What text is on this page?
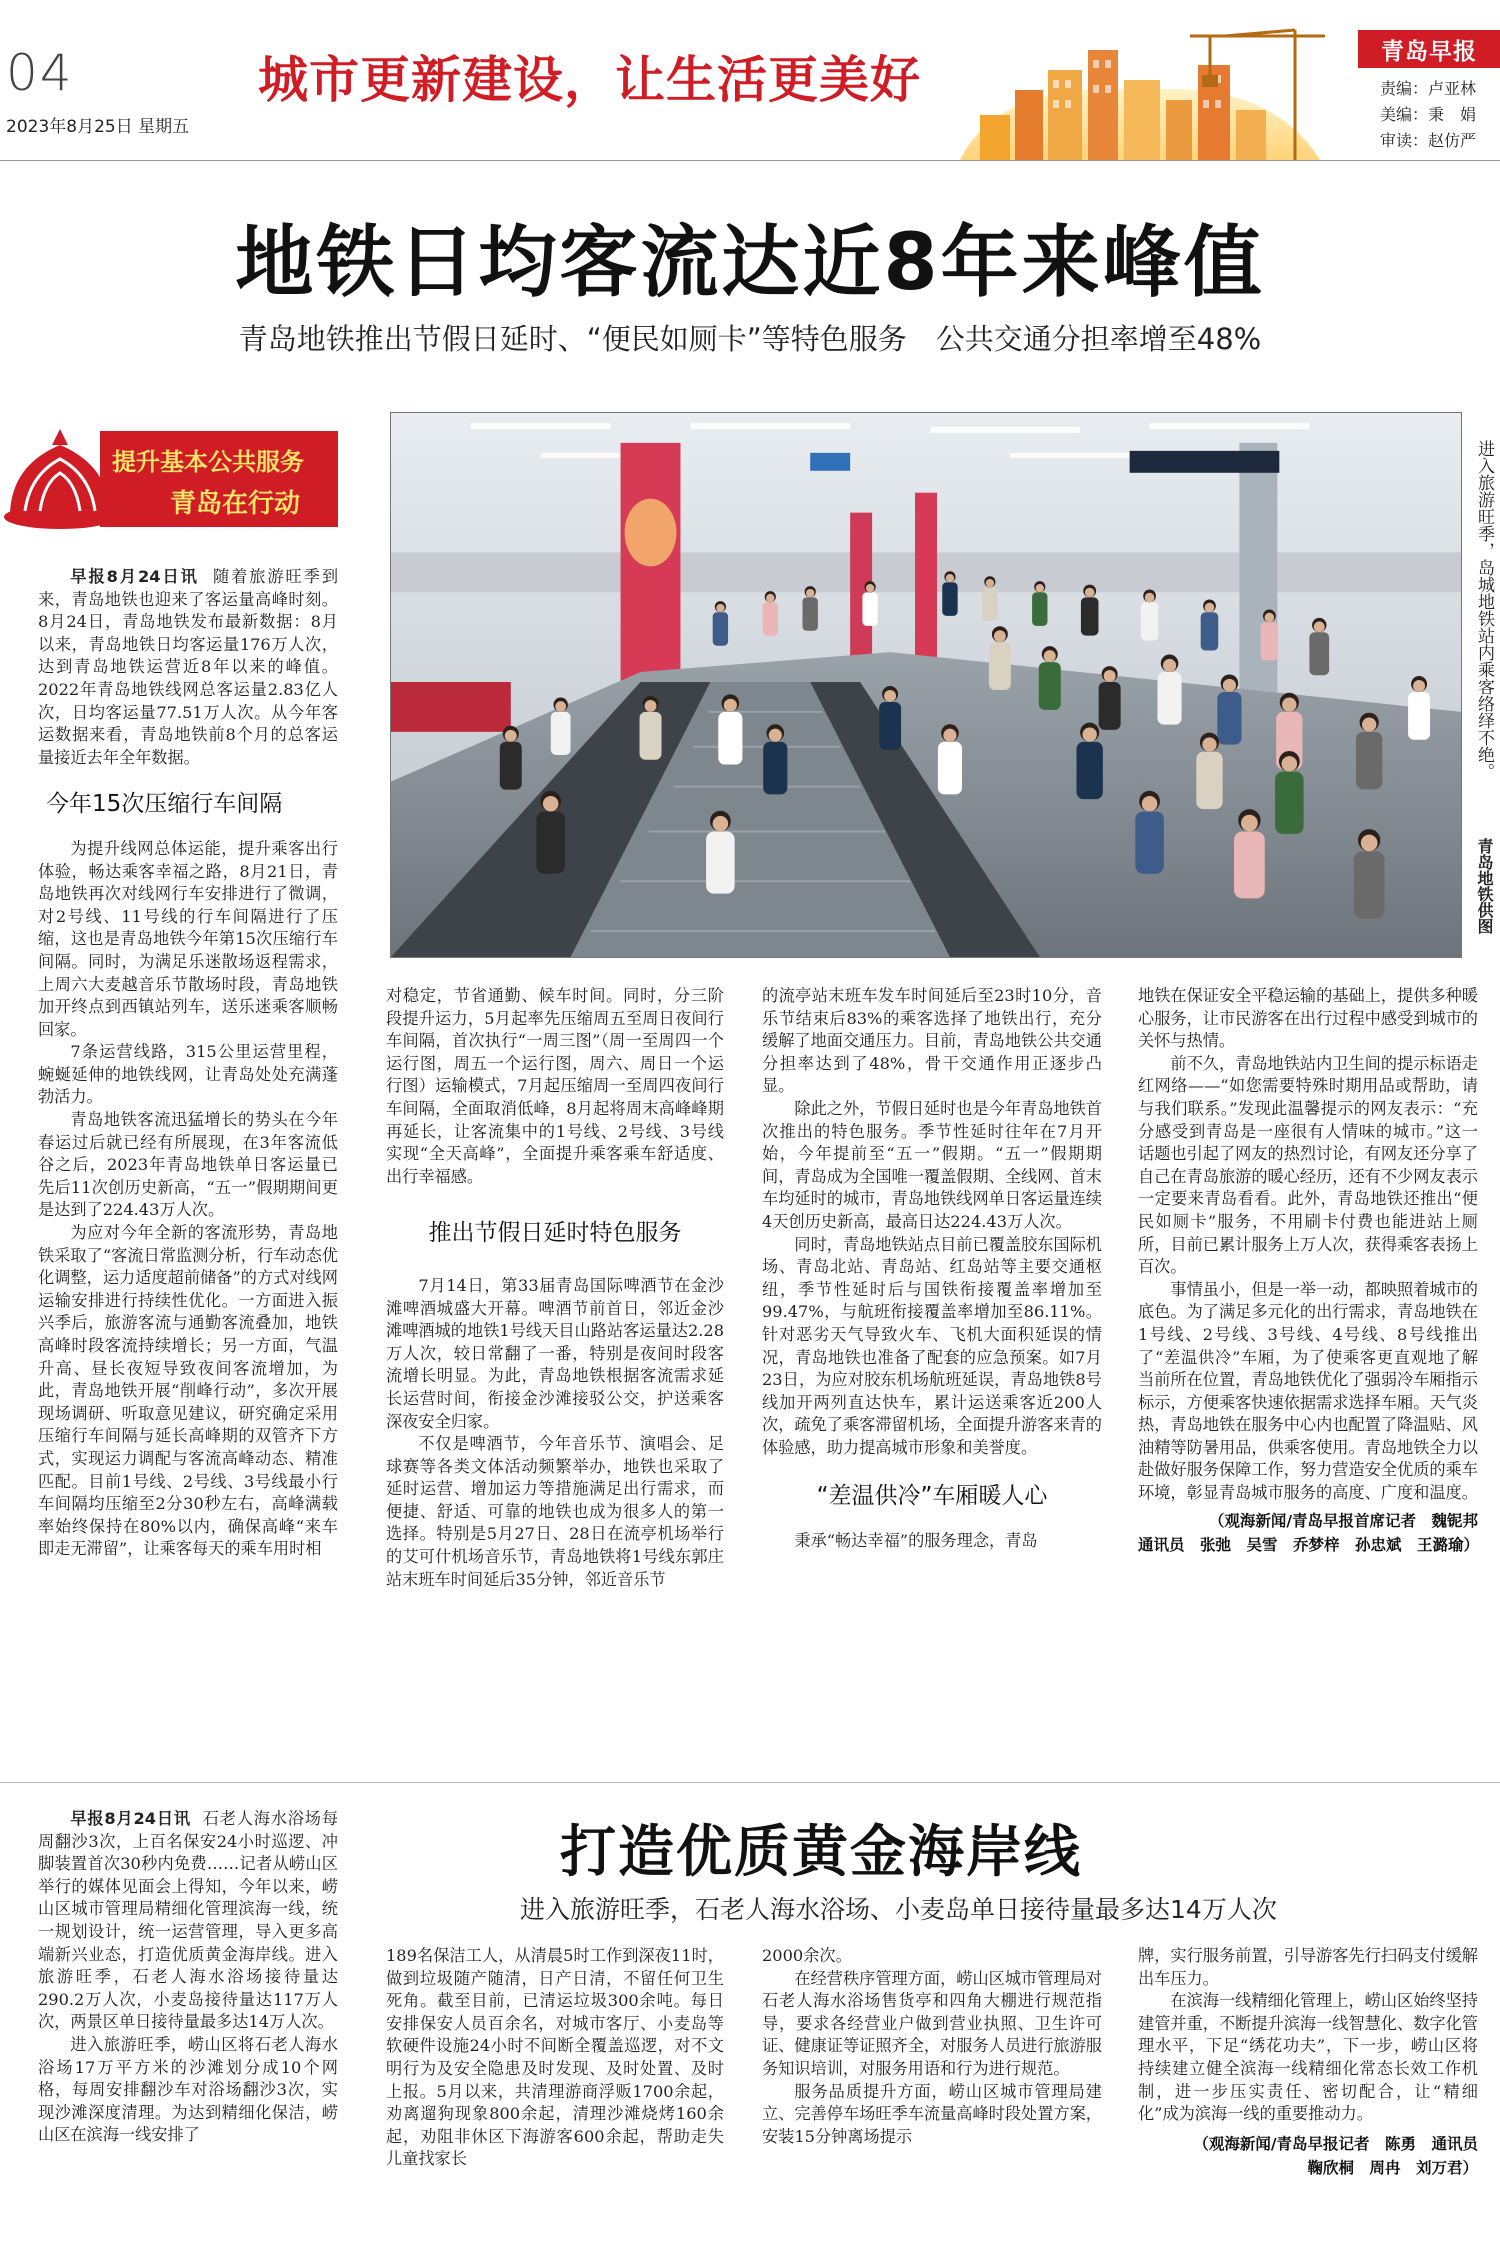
04
2023年8月25日 星期五
城市更新建设，让生活更美好	青岛早报
责编：卢亚林
美编：秉　娟
审读：赵仿严
地铁日均客流达近8年来峰值
青岛地铁推出节假日延时、“便民如厕卡”等特色服务　公共交通分担率增至48%
提升基本公共服务
青岛在行动	进入旅游旺季，岛城地铁站内乘客络绎不绝。
青岛地铁供图

早报8月24日讯 随着旅游旺季到来，青岛地铁也迎来了客运量高峰时刻。8月24日，青岛地铁发布最新数据：8月以来，青岛地铁日均客运量176万人次，达到青岛地铁运营近8年以来的峰值。2022年青岛地铁线网总客运量2.83亿人次，日均客运量77.51万人次。从今年客运数据来看，青岛地铁前8个月的总客运量接近去年全年数据。

今年15次压缩行车间隔

为提升线网总体运能，提升乘客出行体验，畅达乘客幸福之路，8月21日，青岛地铁再次对线网行车安排进行了微调，对2号线、11号线的行车间隔进行了压缩，这也是青岛地铁今年第15次压缩行车间隔。同时，为满足乐迷散场返程需求，上周六大麦越音乐节散场时段，青岛地铁加开终点到西镇站列车，送乐迷乘客顺畅回家。

7条运营线路，315公里运营里程，蜿蜒延伸的地铁线网，让青岛处处充满蓬勃活力。

青岛地铁客流迅猛增长的势头在今年春运过后就已经有所展现，在3年客流低谷之后，2023年青岛地铁单日客运量已先后11次创历史新高，“五一”假期期间更是达到了224.43万人次。

为应对今年全新的客流形势，青岛地铁采取了“客流日常监测分析，行车动态优化调整，运力适度超前储备”的方式对线网运输安排进行持续性优化。一方面进入振兴季后，旅游客流与通勤客流叠加，地铁高峰时段客流持续增长；另一方面，气温升高、昼长夜短导致夜间客流增加，为此，青岛地铁开展“削峰行动”，多次开展现场调研、听取意见建议，研究确定采用压缩行车间隔与延长高峰期的双管齐下方式，实现运力调配与客流高峰动态、精准匹配。目前1号线、2号线、3号线最小行车间隔均压缩至2分30秒左右，高峰满载率始终保持在80%以内，确保高峰“来车即走无滞留”，让乘客每天的乘车用时相

对稳定，节省通勤、候车时间。同时，分三阶段提升运力，5月起率先压缩周五至周日夜间行车间隔，首次执行“一周三图”（周一至周四一个运行图，周五一个运行图，周六、周日一个运行图）运输模式，7月起压缩周一至周四夜间行车间隔，全面取消低峰，8月起将周末高峰峰期再延长，让客流集中的1号线、2号线、3号线实现“全天高峰”，全面提升乘客乘车舒适度、出行幸福感。

推出节假日延时特色服务

7月14日，第33届青岛国际啤酒节在金沙滩啤酒城盛大开幕。啤酒节前首日，邻近金沙滩啤酒城的地铁1号线天目山路站客运量达2.28万人次，较日常翻了一番，特别是夜间时段客流增长明显。为此，青岛地铁根据客流需求延长运营时间，衔接金沙滩接驳公交，护送乘客深夜安全归家。

不仅是啤酒节，今年音乐节、演唱会、足球赛等各类文体活动频繁举办，地铁也采取了延时运营、增加运力等措施满足出行需求，而便捷、舒适、可靠的地铁也成为很多人的第一选择。特别是5月27日、28日在流亭机场举行的艾可什机场音乐节，青岛地铁将1号线东郭庄站末班车时间延后35分钟，邻近音乐节

的流亭站末班车发车时间延后至23时10分，音乐节结束后83%的乘客选择了地铁出行，充分缓解了地面交通压力。目前，青岛地铁公共交通分担率达到了48%，骨干交通作用正逐步凸显。

除此之外，节假日延时也是今年青岛地铁首次推出的特色服务。季节性延时往年在7月开始，今年提前至“五一”假期。“五一”假期期间，青岛成为全国唯一覆盖假期、全线网、首末车均延时的城市，青岛地铁线网单日客运量连续4天创历史新高，最高日达224.43万人次。

同时，青岛地铁站点目前已覆盖胶东国际机场、青岛北站、青岛站、红岛站等主要交通枢纽，季节性延时后与国铁衔接覆盖率增加至99.47%，与航班衔接覆盖率增加至86.11%。针对恶劣天气导致火车、飞机大面积延误的情况，青岛地铁也准备了配套的应急预案。如7月23日，为应对胶东机场航班延误，青岛地铁8号线加开两列直达快车，累计运送乘客近200人次，疏免了乘客滞留机场，全面提升游客来青的体验感，助力提高城市形象和美誉度。

“差温供冷”车厢暖人心

秉承“畅达幸福”的服务理念，青岛

地铁在保证安全平稳运输的基础上，提供多种暖心服务，让市民游客在出行过程中感受到城市的关怀与热情。

前不久，青岛地铁站内卫生间的提示标语走红网络——“如您需要特殊时期用品或帮助，请与我们联系。”发现此温馨提示的网友表示：“充分感受到青岛是一座很有人情味的城市。”这一话题也引起了网友的热烈讨论，有网友还分享了自己在青岛旅游的暖心经历，还有不少网友表示一定要来青岛看看。此外，青岛地铁还推出“便民如厕卡”服务，不用刷卡付费也能进站上厕所，目前已累计服务上万人次，获得乘客表扬上百次。

事情虽小，但是一举一动，都映照着城市的底色。为了满足多元化的出行需求，青岛地铁在1号线、2号线、3号线、4号线、8号线推出了“差温供冷”车厢，为了使乘客更直观地了解当前所在位置，青岛地铁优化了强弱冷车厢指示标示，方便乘客快速依据需求选择车厢。天气炎热，青岛地铁在服务中心内也配置了降温贴、风油精等防暑用品，供乘客使用。青岛地铁全力以赴做好服务保障工作，努力营造安全优质的乘车环境，彰显青岛城市服务的高度、广度和温度。

（观海新闻/青岛早报首席记者　魏铌邦
通讯员　张弛　吴雪　乔梦梓　孙忠斌　王潞瑜）
打造优质黄金海岸线
进入旅游旺季，石老人海水浴场、小麦岛单日接待量最多达14万人次

早报8月24日讯 石老人海水浴场每周翻沙3次，上百名保安24小时巡逻、冲脚装置首次30秒内免费……记者从崂山区举行的媒体见面会上得知，今年以来，崂山区城市管理局精细化管理滨海一线，统一规划设计，统一运营管理，导入更多高端新兴业态，打造优质黄金海岸线。进入旅游旺季，石老人海水浴场接待量达290.2万人次，小麦岛接待量达117万人次，两景区单日接待量最多达14万人次。

进入旅游旺季，崂山区将石老人海水浴场17万平方米的沙滩划分成10个网格，每周安排翻沙车对浴场翻沙3次，实现沙滩深度清理。为达到精细化保洁，崂山区在滨海一线安排了

189名保洁工人，从清晨5时工作到深夜11时，做到垃圾随产随清，日产日清，不留任何卫生死角。截至目前，已清运垃圾300余吨。每日安排保安人员百余名，对城市客厅、小麦岛等软硬件设施24小时不间断全覆盖巡逻，对不文明行为及安全隐患及时发现、及时处置、及时上报。5月以来，共清理游商浮贩1700余起，劝离遛狗现象800余起，清理沙滩烧烤160余起，劝阻非休区下海游客600余起，帮助走失儿童找家长

2000余次。

在经营秩序管理方面，崂山区城市管理局对石老人海水浴场售货亭和四角大棚进行规范指导，要求各经营业户做到营业执照、卫生许可证、健康证等证照齐全，对服务人员进行旅游服务知识培训，对服务用语和行为进行规范。

服务品质提升方面，崂山区城市管理局建立、完善停车场旺季车流量高峰时段处置方案，安装15分钟离场提示

牌，实行服务前置，引导游客先行扫码支付缓解出车压力。

在滨海一线精细化管理上，崂山区始终坚持建管并重，不断提升滨海一线智慧化、数字化管理水平，下足“绣花功夫”，下一步，崂山区将持续建立健全滨海一线精细化常态长效工作机制，进一步压实责任、密切配合，让“精细化”成为滨海一线的重要推动力。

（观海新闻/青岛早报记者　陈勇　通讯员
鞠欣桐　周冉　刘万君）
